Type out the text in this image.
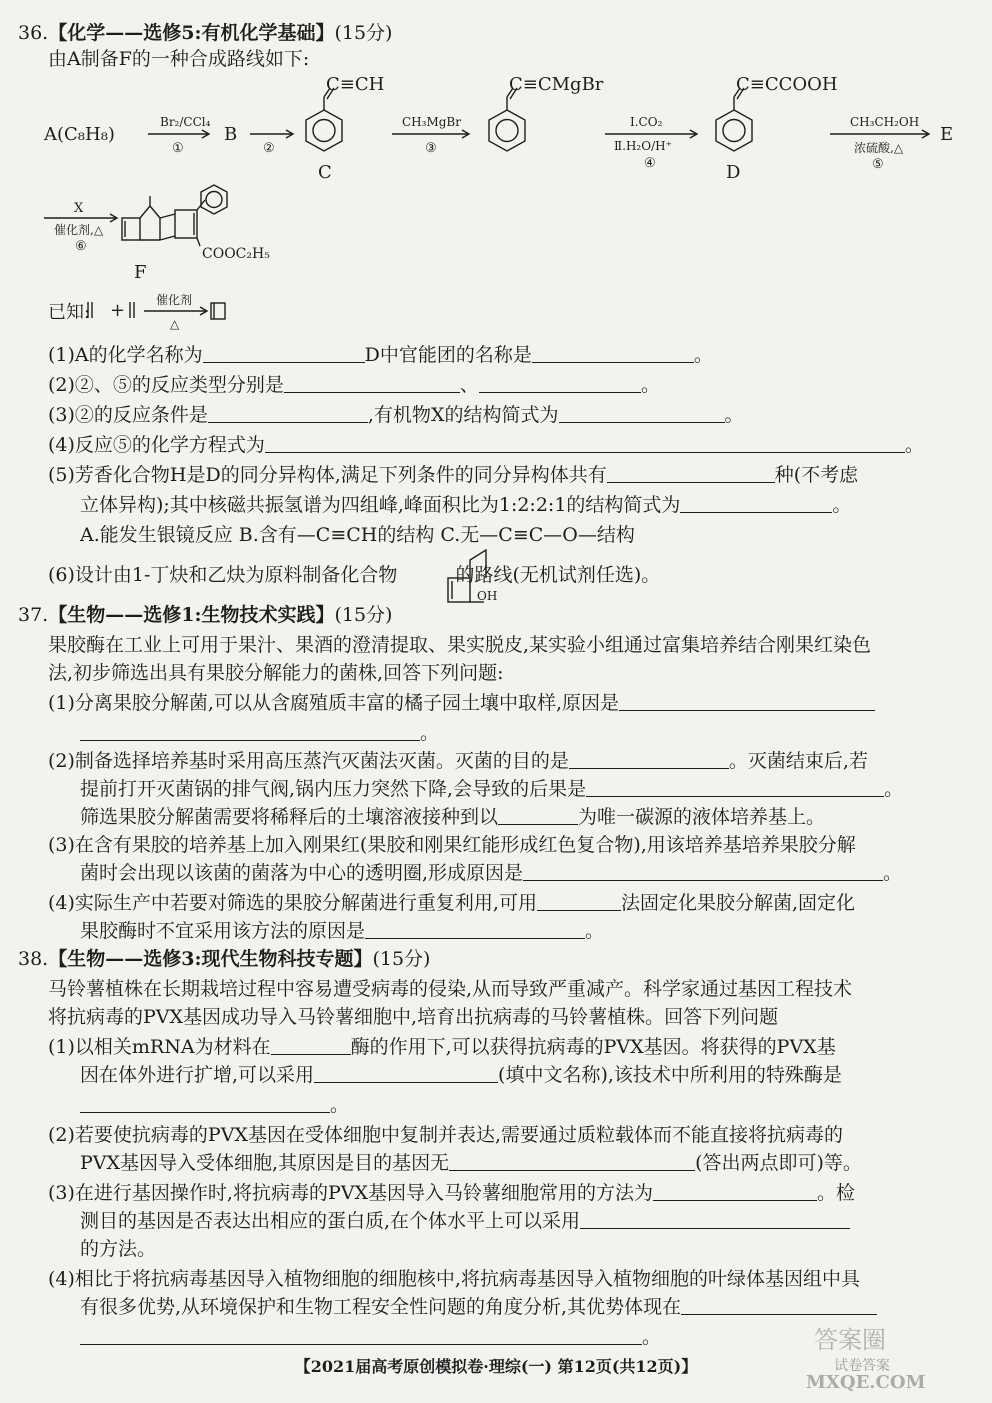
36.【化学——选修5:有机化学基础】(15分)
由A制备F的一种合成路线如下:
A(C₈H₈)
Br₂/CCl₄
①
B
②
C≡CH
C
CH₃MgBr
③
C≡CMgBr
Ⅰ.CO₂
Ⅱ.H₂O/H⁺
④
C≡CCOOH
D
CH₃CH₂OH
浓硫酸,△
⑤
E
X
催化剂,△
⑥	COOC₂H₅
F
已知: +	催化剂
△
OH
(1)A的化学名称为	D中官能团的名称是	。
(2)②、⑤的反应类型分别是	、	。
(3)②的反应条件是	,有机物X的结构简式为	。
(4)反应⑤的化学方程式为	。
(5)芳香化合物H是D的同分异构体,满足下列条件的同分异构体共有	种(不考虑
立体异构);其中核磁共振氢谱为四组峰,峰面积比为1:2:2:1的结构简式为	。
A.能发生银镜反应 B.含有—C≡CH的结构 C.无—C≡C—O—结构
(6)设计由1-丁炔和乙炔为原料制备化合物	的路线(无机试剂任选)。
37.【生物——选修1:生物技术实践】(15分)
果胶酶在工业上可用于果汁、果酒的澄清提取、果实脱皮,某实验小组通过富集培养结合刚果红染色
法,初步筛选出具有果胶分解能力的菌株,回答下列问题:
(1)分离果胶分解菌,可以从含腐殖质丰富的橘子园土壤中取样,原因是
。
(2)制备选择培养基时采用高压蒸汽灭菌法灭菌。灭菌的目的是	。灭菌结束后,若
提前打开灭菌锅的排气阀,锅内压力突然下降,会导致的后果是	。
筛选果胶分解菌需要将稀释后的土壤溶液接种到以	为唯一碳源的液体培养基上。
(3)在含有果胶的培养基上加入刚果红(果胶和刚果红能形成红色复合物),用该培养基培养果胶分解
菌时会出现以该菌的菌落为中心的透明圈,形成原因是	。
(4)实际生产中若要对筛选的果胶分解菌进行重复利用,可用	法固定化果胶分解菌,固定化
果胶酶时不宜采用该方法的原因是	。
38.【生物——选修3:现代生物科技专题】(15分)
马铃薯植株在长期栽培过程中容易遭受病毒的侵染,从而导致严重减产。科学家通过基因工程技术
将抗病毒的PVX基因成功导入马铃薯细胞中,培育出抗病毒的马铃薯植株。回答下列问题
(1)以相关mRNA为材料在	酶的作用下,可以获得抗病毒的PVX基因。将获得的PVX基
因在体外进行扩增,可以采用	(填中文名称),该技术中所利用的特殊酶是
。
(2)若要使抗病毒的PVX基因在受体细胞中复制并表达,需要通过质粒载体而不能直接将抗病毒的
PVX基因导入受体细胞,其原因是目的基因无	(答出两点即可)等。
(3)在进行基因操作时,将抗病毒的PVX基因导入马铃薯细胞常用的方法为	。检
测目的基因是否表达出相应的蛋白质,在个体水平上可以采用
的方法。
(4)相比于将抗病毒基因导入植物细胞的细胞核中,将抗病毒基因导入植物细胞的叶绿体基因组中具
有很多优势,从环境保护和生物工程安全性问题的角度分析,其优势体现在
。
【2021届高考原创模拟卷·理综(一) 第12页(共12页)】
答案圈
试卷答案
MXQE.COM
